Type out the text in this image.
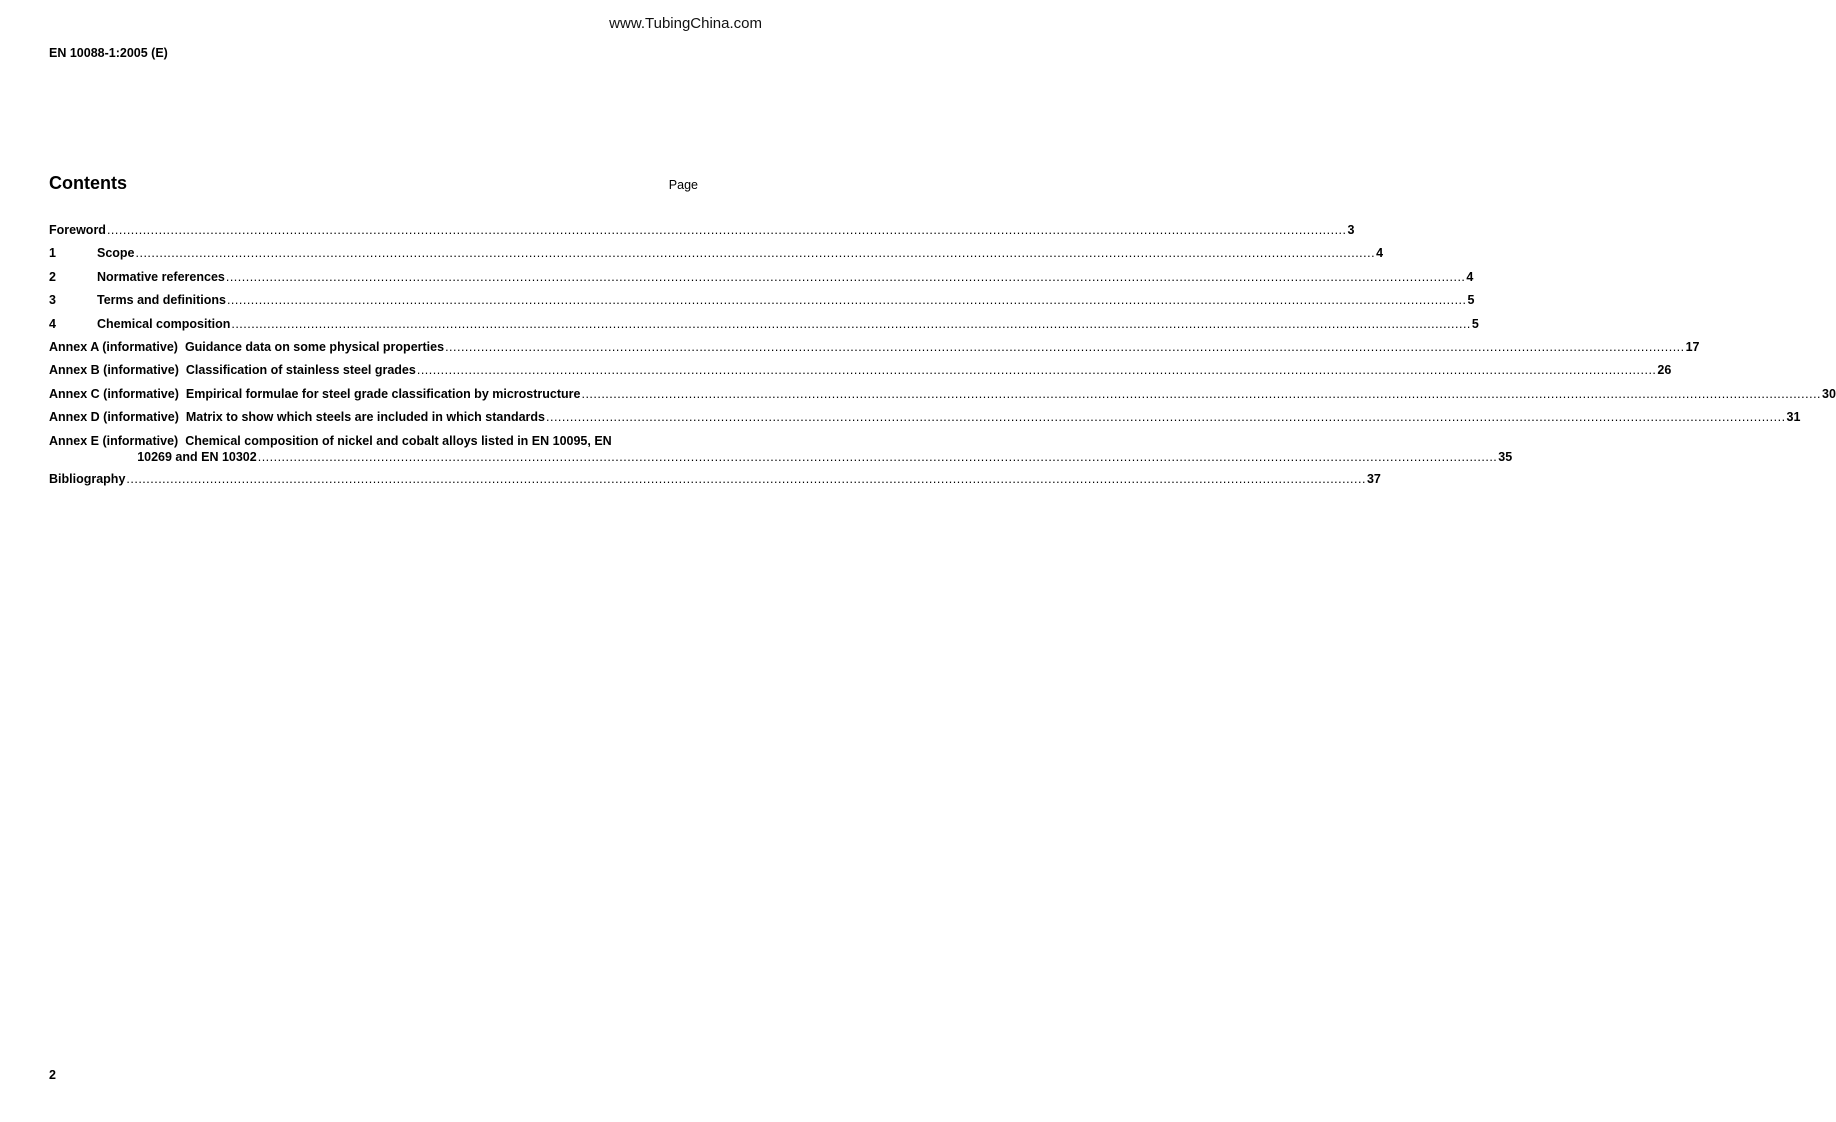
www.TubingChina.com
EN 10088-1:2005 (E)
Contents	Page
Foreword .....	3
1	Scope .....	4
2	Normative references .....	4
3	Terms and definitions .....	5
4	Chemical composition .....	5
Annex A (informative) Guidance data on some physical properties .....	17
Annex B (informative) Classification of stainless steel grades .....	26
Annex C (informative) Empirical formulae for steel grade classification by microstructure .....	30
Annex D (informative) Matrix to show which steels are included in which standards .....	31
Annex E (informative) Chemical composition of nickel and cobalt alloys listed in EN 10095, EN
10269 and EN 10302 .....	35
Bibliography .....	37
2
